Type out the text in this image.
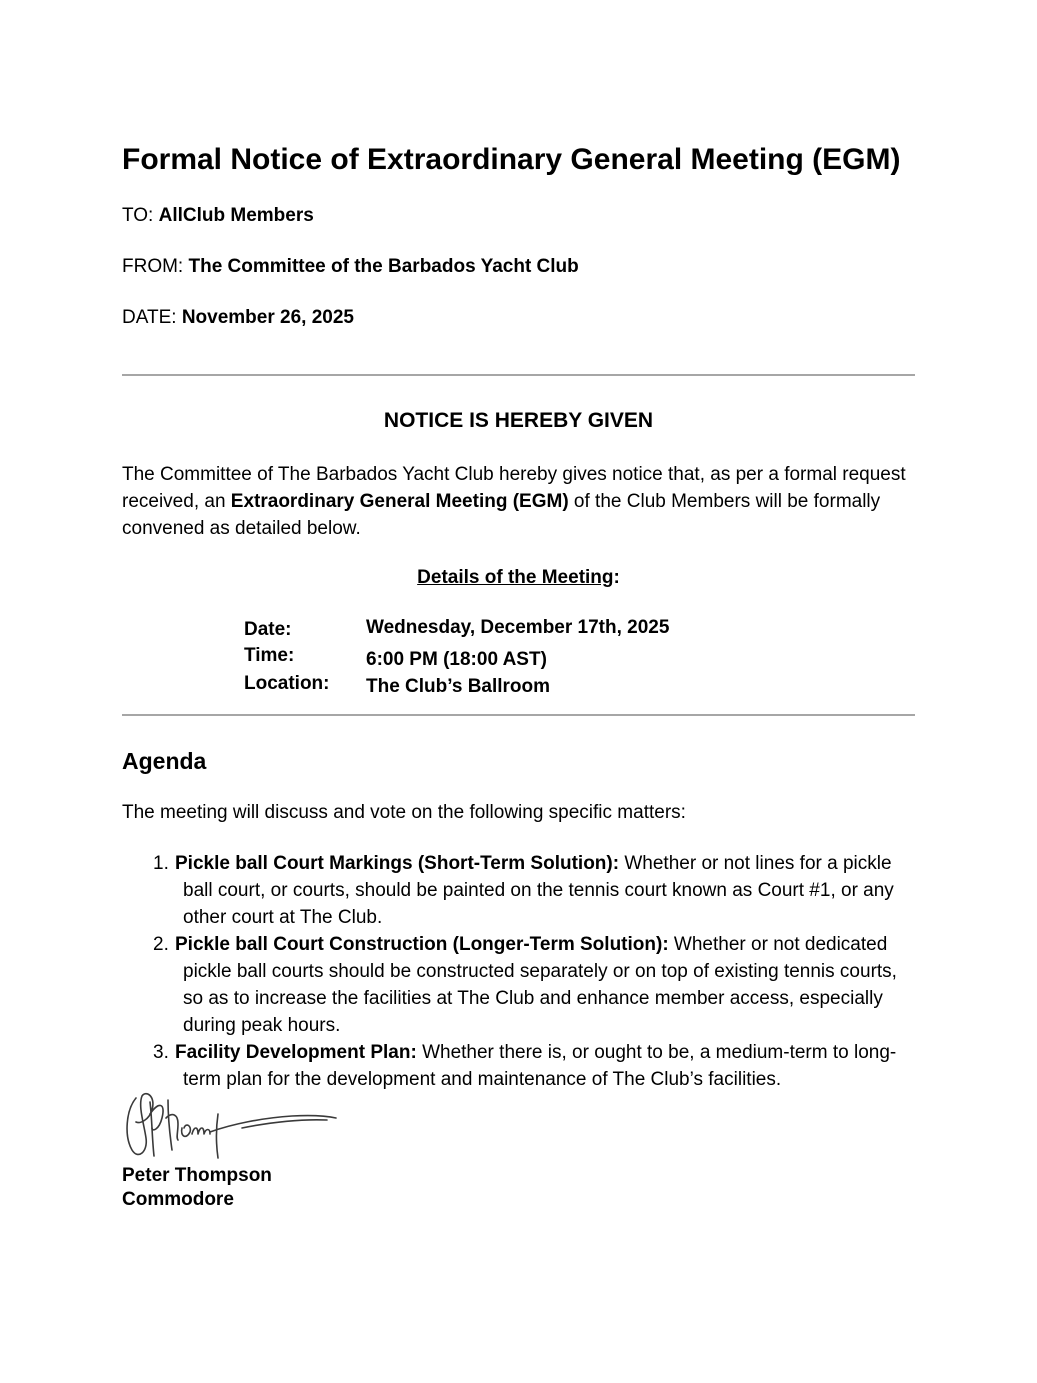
Formal Notice of Extraordinary General Meeting (EGM)
TO: AllClub Members
FROM: The Committee of the Barbados Yacht Club
DATE: November 26, 2025
NOTICE IS HEREBY GIVEN

The Committee of The Barbados Yacht Club hereby gives notice that, as per a formal request received, an Extraordinary General Meeting (EGM) of the Club Members will be formally convened as detailed below.

Details of the Meeting:
Date:	Wednesday, December 17th, 2025
Time:	6:00 PM (18:00 AST)
Location: The Club’s Ballroom
Agenda

The meeting will discuss and vote on the following specific matters:

1. Pickle ball Court Markings (Short-Term Solution): Whether or not lines for a pickle ball court, or courts, should be painted on the tennis court known as Court #1, or any other court at The Club.
2. Pickle ball Court Construction (Longer-Term Solution): Whether or not dedicated pickle ball courts should be constructed separately or on top of existing tennis courts, so as to increase the facilities at The Club and enhance member access, especially during peak hours.
3. Facility Development Plan: Whether there is, or ought to be, a medium-term to long-term plan for the development and maintenance of The Club’s facilities.
Peter Thompson
Commodore
